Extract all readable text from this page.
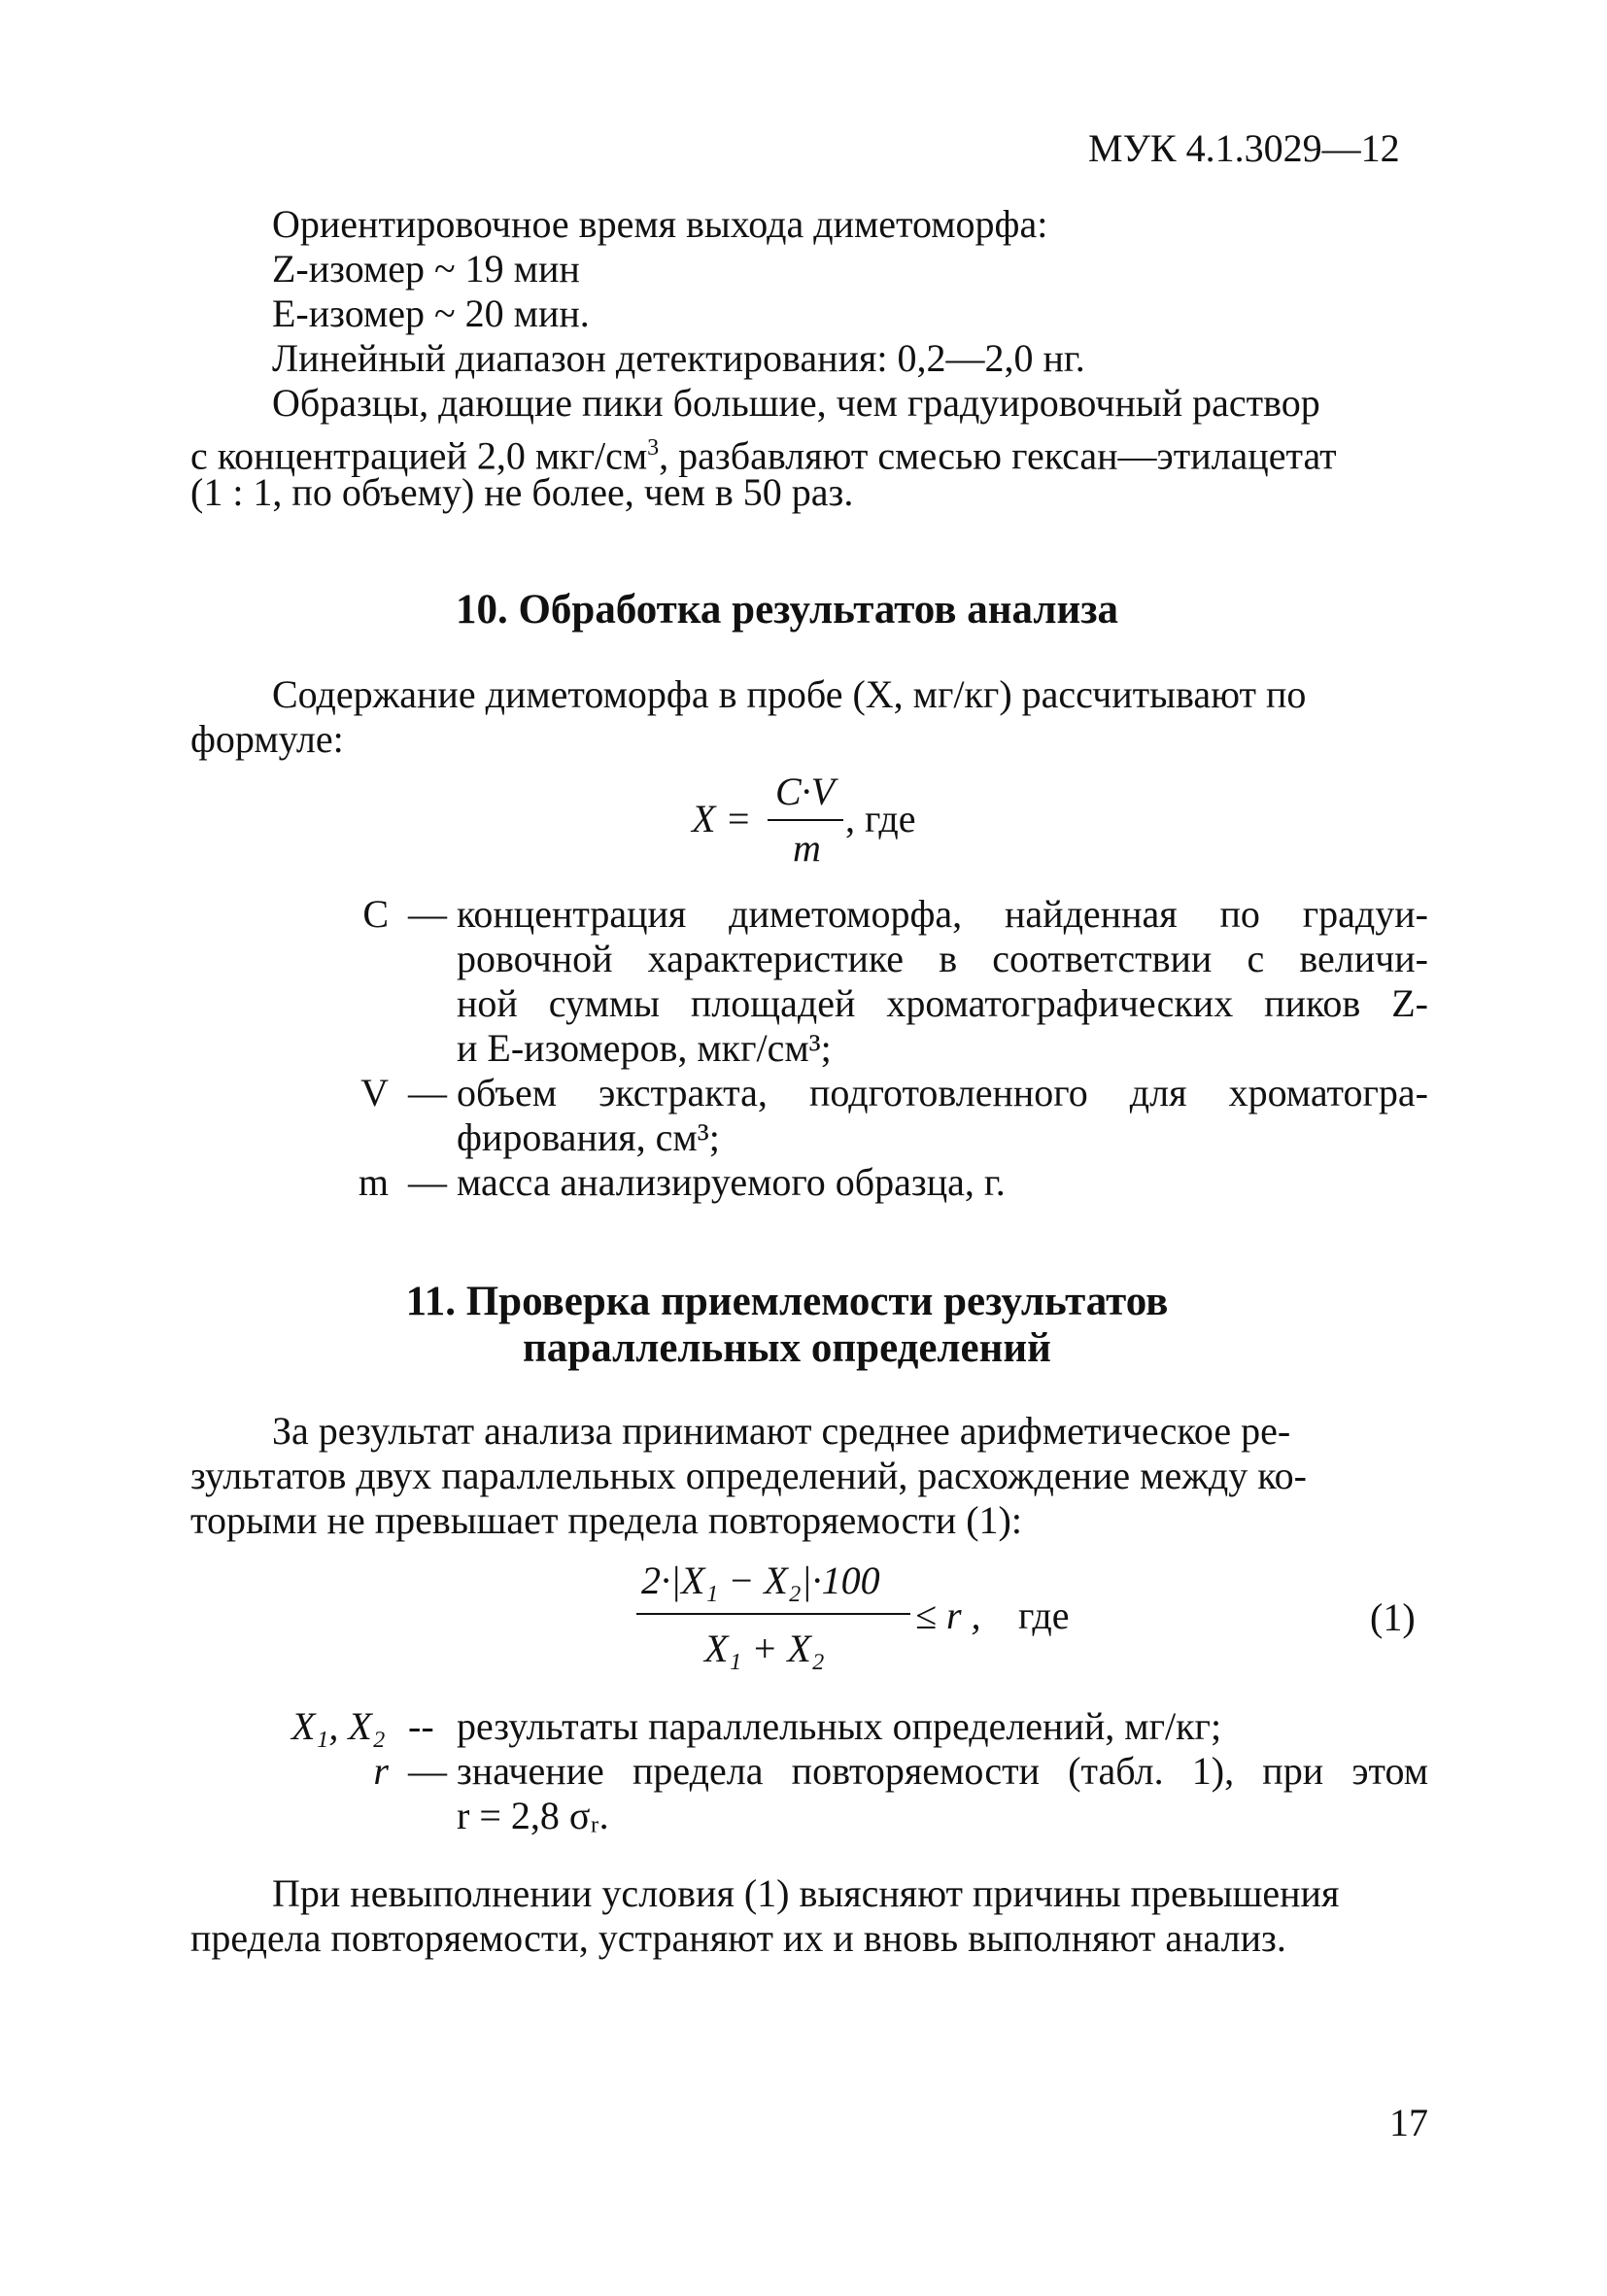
МУК 4.1.3029—12
Ориентировочное время выхода диметоморфа:
Z-изомер ~ 19 мин
Е-изомер ~ 20 мин.
Линейный диапазон детектирования: 0,2—2,0 нг.
Образцы, дающие пики большие, чем градуировочный раствор
с концентрацией 2,0 мкг/$см^3$, разбавляют смесью гексан—этилацетат
(1 : 1, по объему) не более, чем в 50 раз.
10. Обработка результатов анализа
Содержание диметоморфа в пробе (X, мг/кг) рассчитывают по
формуле:
X =
C·V
m
, где
C — концентрация диметоморфа, найденная по градуи-
ровочной характеристике в соответствии с величи-
ной суммы площадей хроматографических пиков Z-
и Е-изомеров, мкг/см³;
V — объем экстракта, подготовленного для хроматогра-
фирования, см³;
m — масса анализируемого образца, г.
11. Проверка приемлемости результатов
параллельных определений
За результат анализа принимают среднее арифметическое ре-
зультатов двух параллельных определений, расхождение между ко-
торыми не превышает предела повторяемости (1):
2·|X₁ − X₂|·100
X₁ + X₂
≤ r , где	(1)
X₁, X₂ -- результаты параллельных определений, мг/кг;
r — значение предела повторяемости (табл. 1), при этом
r = 2,8 σᵣ.
При невыполнении условия (1) выясняют причины превышения
предела повторяемости, устраняют их и вновь выполняют анализ.
17
